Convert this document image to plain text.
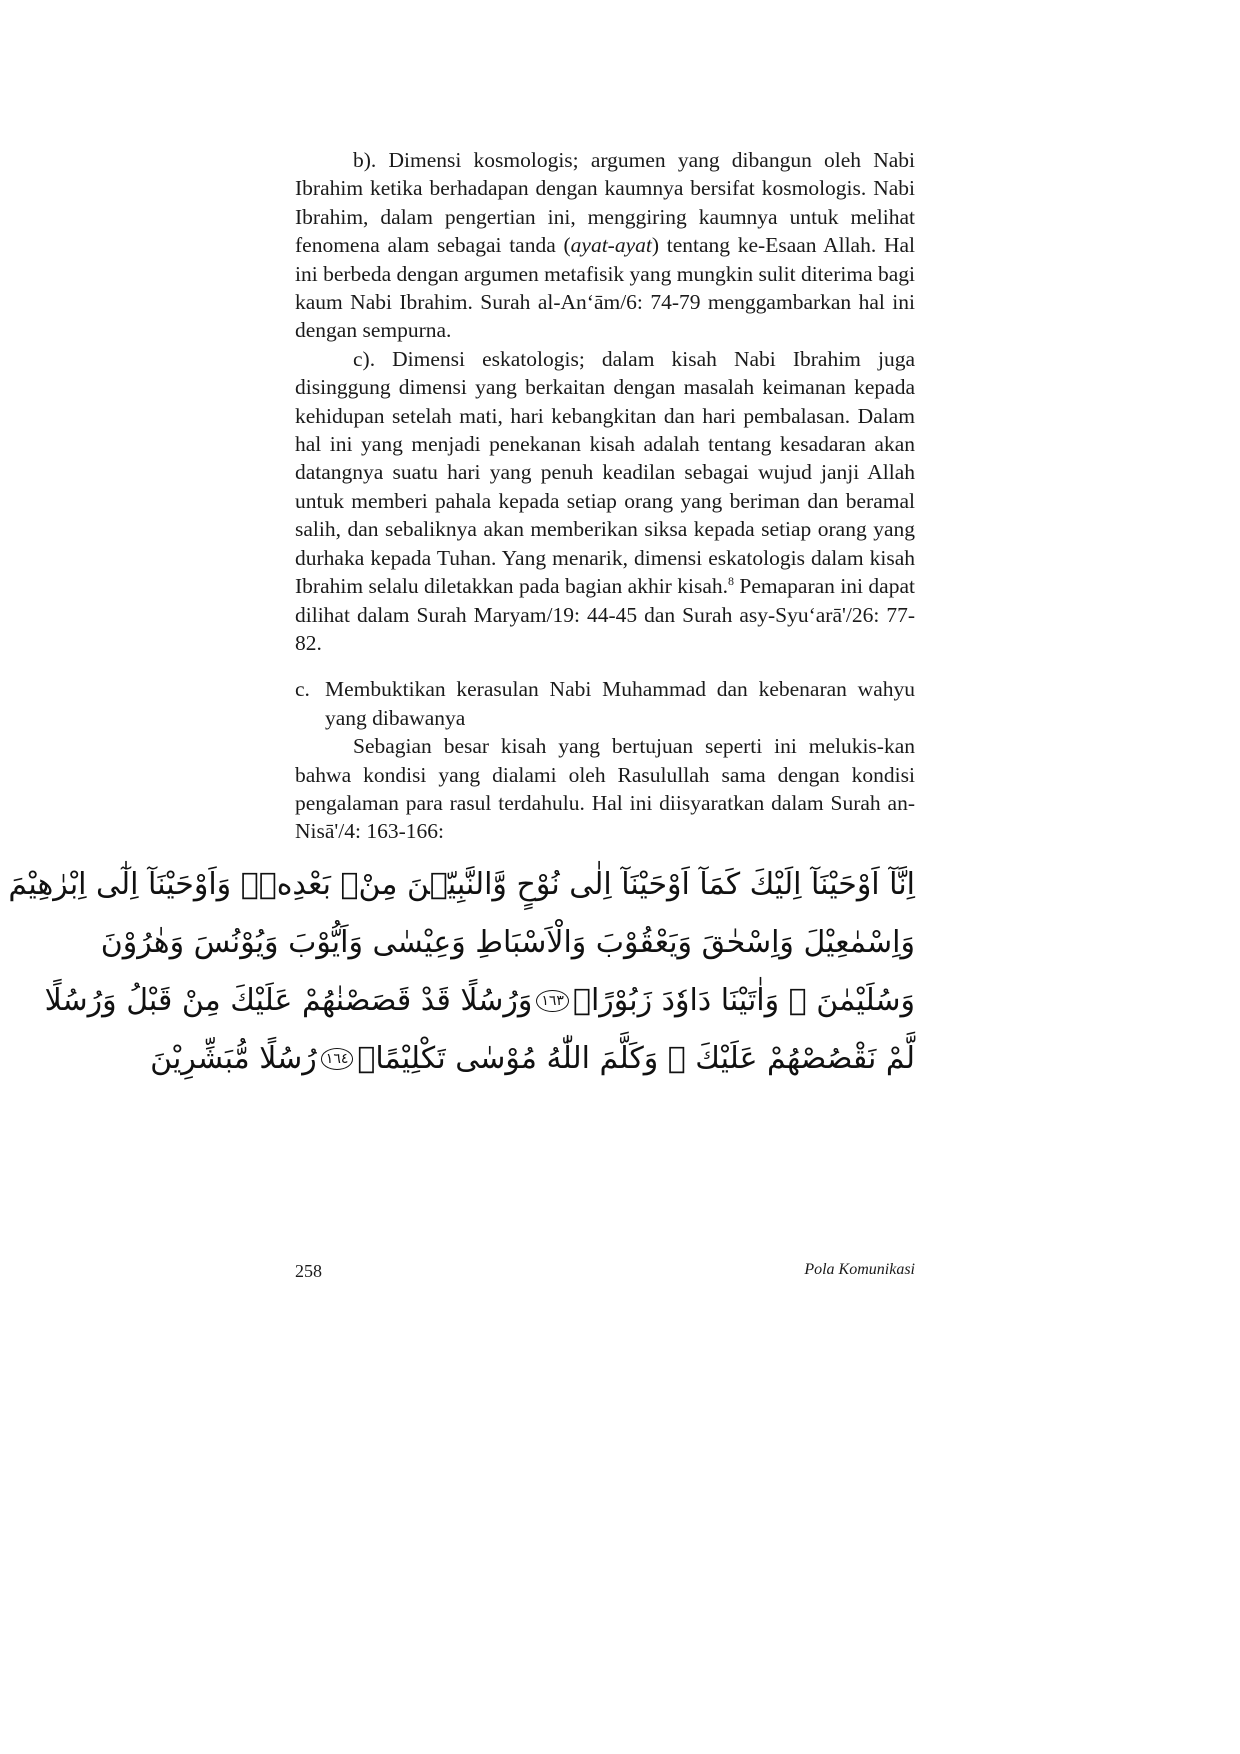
b). Dimensi kosmologis; argumen yang dibangun oleh Nabi Ibrahim ketika berhadapan dengan kaumnya bersifat kosmologis. Nabi Ibrahim, dalam pengertian ini, menggiring kaumnya untuk melihat fenomena alam sebagai tanda (ayat-ayat) tentang ke-Esaan Allah. Hal ini berbeda dengan argumen metafisik yang mungkin sulit diterima bagi kaum Nabi Ibrahim. Surah al-An‘ām/6: 74-79 menggambarkan hal ini dengan sempurna.

c). Dimensi eskatologis; dalam kisah Nabi Ibrahim juga disinggung dimensi yang berkaitan dengan masalah keimanan kepada kehidupan setelah mati, hari kebangkitan dan hari pembalasan. Dalam hal ini yang menjadi penekanan kisah adalah tentang kesadaran akan datangnya suatu hari yang penuh keadilan sebagai wujud janji Allah untuk memberi pahala kepada setiap orang yang beriman dan beramal salih, dan sebaliknya akan memberikan siksa kepada setiap orang yang durhaka kepada Tuhan. Yang menarik, dimensi eskatologis dalam kisah Ibrahim selalu diletakkan pada bagian akhir kisah.$^8$ Pemaparan ini dapat dilihat dalam Surah Maryam/19: 44-45 dan Surah asy-Syu‘arā'/26: 77-82.

c. Membuktikan kerasulan Nabi Muhammad dan kebenaran wahyu yang dibawanya

Sebagian besar kisah yang bertujuan seperti ini melukis-kan bahwa kondisi yang dialami oleh Rasulullah sama dengan kondisi pengalaman para rasul terdahulu. Hal ini diisyaratkan dalam Surah an-Nisā'/4: 163-166:

اِنَّآ اَوْحَيْنَآ اِلَيْكَ كَمَآ اَوْحَيْنَآ اِلٰى نُوْحٍ وَّالنَّبِيّٖنَ مِنْۢ بَعْدِهٖۚ وَاَوْحَيْنَآ اِلٰٓى اِبْرٰهِيْمَ
وَاِسْمٰعِيْلَ وَاِسْحٰقَ وَيَعْقُوْبَ وَالْاَسْبَاطِ وَعِيْسٰى وَاَيُّوْبَ وَيُوْنُسَ وَهٰرُوْنَ
وَسُلَيْمٰنَ ۚ وَاٰتَيْنَا دَاوٗدَ زَبُوْرًاۚ١٦٣وَرُسُلًا قَدْ قَصَصْنٰهُمْ عَلَيْكَ مِنْ قَبْلُ وَرُسُلًا
لَّمْ نَقْصُصْهُمْ عَلَيْكَ ۗ وَكَلَّمَ اللّٰهُ مُوْسٰى تَكْلِيْمًاۚ١٦٤رُسُلًا مُّبَشِّرِيْنَ
258	Pola Komunikasi
